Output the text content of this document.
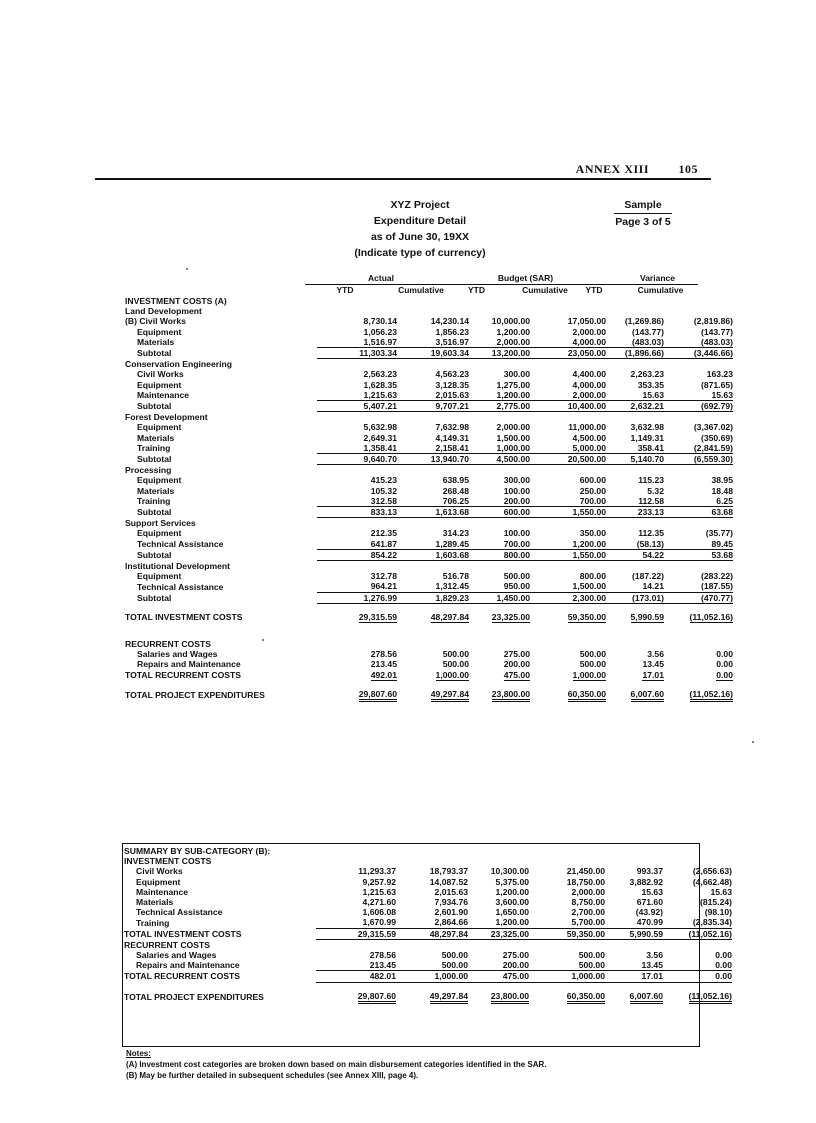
ANNEX XIII 105
XYZ Project
Expenditure Detail
as of June 30, 19XX
(Indicate type of currency)
Sample
Page 3 of 5
Actual	Budget (SAR)	Variance
YTD	Cumulative	YTD	Cumulative	YTD	Cumulative
INVESTMENT COSTS (A)						
Land Development						
(B) Civil Works	8,730.14	14,230.14	10,000.00	17,050.00	(1,269.86)	(2,819.86)
Equipment	1,056.23	1,856.23	1,200.00	2,000.00	(143.77)	(143.77)
Materials	1,516.97	3,516.97	2,000.00	4,000.00	(483.03)	(483.03)
Subtotal	11,303.34	19,603.34	13,200.00	23,050.00	(1,896.66)	(3,446.66)
Conservation Engineering						
Civil Works	2,563.23	4,563.23	300.00	4,400.00	2,263.23	163.23
Equipment	1,628.35	3,128.35	1,275.00	4,000.00	353.35	(871.65)
Maintenance	1,215.63	2,015.63	1,200.00	2,000.00	15.63	15.63
Subtotal	5,407.21	9,707.21	2,775.00	10,400.00	2,632.21	(692.79)
Forest Development						
Equipment	5,632.98	7,632.98	2,000.00	11,000.00	3,632.98	(3,367.02)
Materials	2,649.31	4,149.31	1,500.00	4,500.00	1,149.31	(350.69)
Training	1,358.41	2,158.41	1,000.00	5,000.00	358.41	(2,841.59)
Subtotal	9,640.70	13,940.70	4,500.00	20,500.00	5,140.70	(6,559.30)
Processing						
Equipment	415.23	638.95	300.00	600.00	115.23	38.95
Materials	105.32	268.48	100.00	250.00	5.32	18.48
Training	312.58	706.25	200.00	700.00	112.58	6.25
Subtotal	833.13	1,613.68	600.00	1,550.00	233.13	63.68
Support Services						
Equipment	212.35	314.23	100.00	350.00	112.35	(35.77)
Technical Assistance	641.87	1,289.45	700.00	1,200.00	(58.13)	89.45
Subtotal	854.22	1,603.68	800.00	1,550.00	54.22	53.68
Institutional Development						
Equipment	312.78	516.78	500.00	800.00	(187.22)	(283.22)
Technical Assistance	964.21	1,312.45	950.00	1,500.00	14.21	(187.55)
Subtotal	1,276.99	1,829.23	1,450.00	2,300.00	(173.01)	(470.77)

TOTAL INVESTMENT COSTS	29,315.59	48,297.84	23,325.00	59,350.00	5,990.59	(11,052.16)

RECURRENT COSTS						
Salaries and Wages	278.56	500.00	275.00	500.00	3.56	0.00
Repairs and Maintenance	213.45	500.00	200.00	500.00	13.45	0.00
TOTAL RECURRENT COSTS	492.01	1,000.00	475.00	1,000.00	17.01	0.00

TOTAL PROJECT EXPENDITURES	29,807.60	49,297.84	23,800.00	60,350.00	6,007.60	(11,052.16)
SUMMARY BY SUB-CATEGORY (B):						
INVESTMENT COSTS						
Civil Works	11,293.37	18,793.37	10,300.00	21,450.00	993.37	(2,656.63)
Equipment	9,257.92	14,087.52	5,375.00	18,750.00	3,882.92	(4,662.48)
Maintenance	1,215.63	2,015.63	1,200.00	2,000.00	15.63	15.63
Materials	4,271.60	7,934.76	3,600.00	8,750.00	671.60	(815.24)
Technical Assistance	1,606.08	2,601.90	1,650.00	2,700.00	(43.92)	(98.10)
Training	1,670.99	2,864.66	1,200.00	5,700.00	470.99	(2,835.34)
TOTAL INVESTMENT COSTS	29,315.59	48,297.84	23,325.00	59,350.00	5,990.59	(11,052.16)
RECURRENT COSTS						
Salaries and Wages	278.56	500.00	275.00	500.00	3.56	0.00
Repairs and Maintenance	213.45	500.00	200.00	500.00	13.45	0.00
TOTAL RECURRENT COSTS	482.01	1,000.00	475.00	1,000.00	17.01	0.00

TOTAL PROJECT EXPENDITURES	29,807.60	49,297.84	23,800.00	60,350.00	6,007.60	(11,052.16)
Notes:
(A) Investment cost categories are broken down based on main disbursement categories identified in the SAR.
(B) May be further detailed in subsequent schedules (see Annex XIII, page 4).
